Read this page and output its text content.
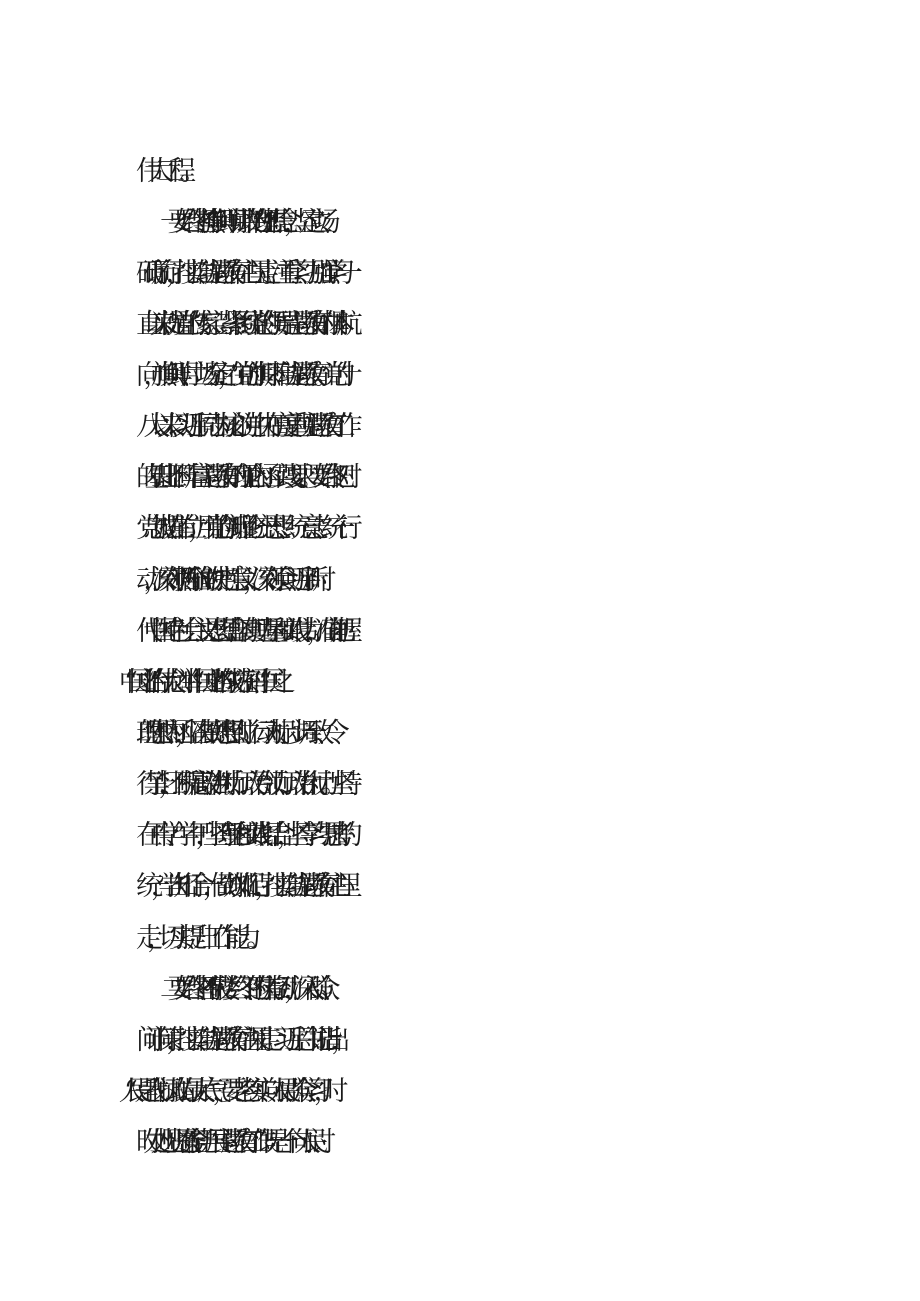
伟大工程。
一要始终坚持“旗帜鲜明讲政治”的理想信念，坚定立场、
砥砺前行，扎实推动主题教育往心里走。注重学习、加强学习一
直以来就是党的传家宝。紧紧围绕党的领导是主题教育的根本航
向，旗帜鲜明、立场坚定，在党的旗帜下推动主题教育。党的十
八大以来以习近平同志为核心的党中央在高度重视主题教育工作
的基础上不断丰富主题教育的理论内涵、实践要求。要始终把对
党忠诚摆在首位，用党的创新理论统一思想、统一意志、统一行
动，深刻领悟“两个确立”的决定性意义，深刻领会习近平新时
代中国特色社会主义思想蕴含的真理力量和实践伟力，准确把握
“中国之治”的伟大创举、“中国之路”的成功密码、“中国之
理”的思想内涵，坚决做到思想到位、行动对标、步调一致、令
行禁止，不断提高政治判断力、政治引领力、政治执行力。坚持
在干中学、学中干，坚持理论和实践相结合，坚持学习与思考的
统一，学出知行合一，做到以知促行，扎实推动主题教育往心里
走，切实提升工作能力。
二要始终坚持“不破楼兰终不还”的执着韧劲，深入群众、
问计问策，扎实推动主题教育往深里走。习近平总书记指出，
“人民是我们执政的最大底气，要老老实实向人民群众学习，时
时处处见贤思齐。”在全党开展主题教育工作既是一个向人民讨
